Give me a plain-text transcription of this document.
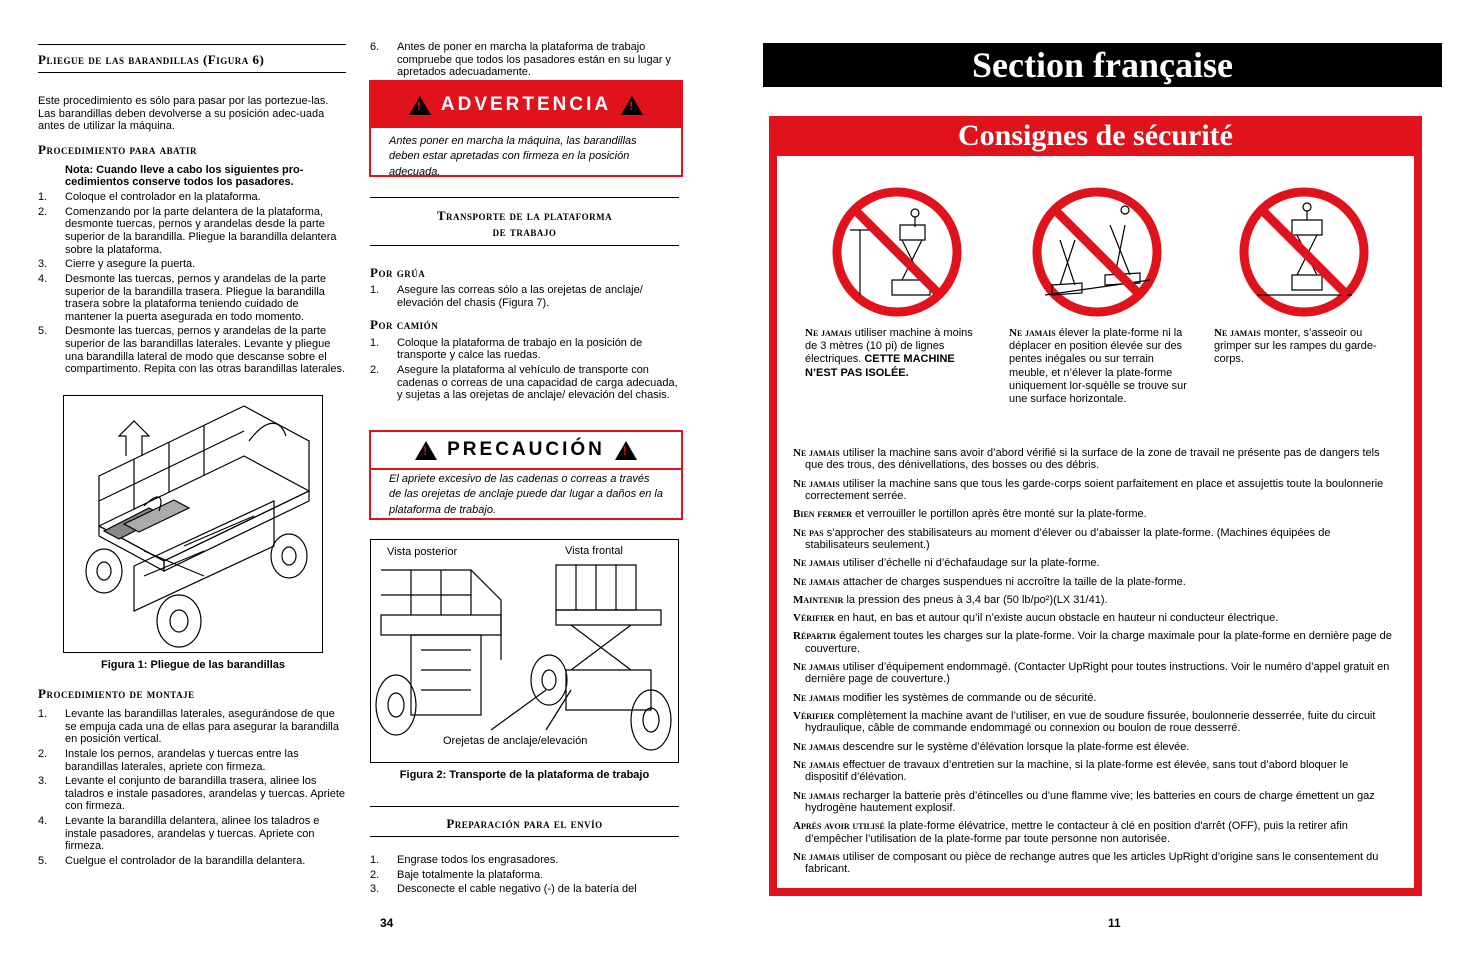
Pliegue de las barandillas (Figura 6)

Este procedimiento es sólo para pasar por las portezue-las. Las barandillas deben devolverse a su posición adec-uada antes de utilizar la máquina.

Procedimiento para abatir

Nota: Cuando lleve a cabo los siguientes pro-cedimientos conserve todos los pasadores.

1. Coloque el controlador en la plataforma.
2. Comenzando por la parte delantera de la plataforma, desmonte tuercas, pernos y arandelas desde la parte superior de la barandilla. Pliegue la barandilla delantera sobre la plataforma.
3. Cierre y asegure la puerta.
4. Desmonte las tuercas, pernos y arandelas de la parte superior de la barandilla trasera. Pliegue la barandilla trasera sobre la plataforma teniendo cuidado de mantener la puerta asegurada en todo momento.
5. Desmonte las tuercas, pernos y arandelas de la parte superior de las barandillas laterales. Levante y pliegue una barandilla lateral de modo que descanse sobre el compartimento. Repita con las otras barandillas laterales.
Figura 1: Pliegue de las barandillas
Procedimiento de montaje
1. Levante las barandillas laterales, asegurándose de que se empuja cada una de ellas para asegurar la barandilla en posición vertical.
2. Instale los pernos, arandelas y tuercas entre las barandillas laterales, apriete con firmeza.
3. Levante el conjunto de barandilla trasera, alinee los taladros e instale pasadores, arandelas y tuercas. Apriete con firmeza.
4. Levante la barandilla delantera, alinee los taladros e instale pasadores, arandelas y tuercas. Apriete con firmeza.
5. Cuelgue el controlador de la barandilla delantera.
34
6. Antes de poner en marcha la plataforma de trabajo compruebe que todos los pasadores están en su lugar y apretados adecuadamente.
!
ADVERTENCIA
!

Antes poner en marcha la máquina, las barandillas deben estar apretadas con firmeza en la posición adecuada.

Transporte de la plataforma
de trabajo
Por grúa
1. Asegure las correas sólo a las orejetas de anclaje/ elevación del chasis (Figura 7).
Por camión
1. Coloque la plataforma de trabajo en la posición de transporte y calce las ruedas.
2. Asegure la plataforma al vehículo de transporte con cadenas o correas de una capacidad de carga adecuada, y sujetas a las orejetas de anclaje/ elevación del chasis.
!
PRECAUCIÓN
!

El apriete excesivo de las cadenas o correas a través de las orejetas de anclaje puede dar lugar a daños en la plataforma de trabajo.

Vista posterior	Vista frontal
Orejetas de anclaje/elevación
Figura 2: Transporte de la plataforma de trabajo
Preparación para el envío
1. Engrase todos los engrasadores.
2. Baje totalmente la plataforma.
3. Desconecte el cable negativo (-) de la batería del
Section française
Consignes de sécurité
Ne jamais utiliser machine à moins de 3 mètres (10 pi) de lignes électriques. CETTE MACHINE N’EST PAS ISOLÉE.
Ne jamais élever la plate-forme ni la déplacer en position élevée sur des pentes inégales ou sur terrain meuble, et n’élever la plate-forme uniquement lor-squèlle se trouve sur une surface horizontale.
Ne jamais monter, s’asseoir ou grimper sur les rampes du garde-corps.

Ne jamais utiliser la machine sans avoir d’abord vérifié si la surface de la zone de travail ne présente pas de dangers tels que des trous, des dénivellations, des bosses ou des débris.

Ne jamais utiliser la machine sans que tous les garde-corps soient parfaitement en place et assujettis toute la boulonnerie correctement serrée.

Bien fermer et verrouiller le portillon après être monté sur la plate-forme.

Ne pas s’approcher des stabilisateurs au moment d’élever ou d’abaisser la plate-forme. (Machines équipées de stabilisateurs seulement.)

Ne jamais utiliser d’échelle ni d’échafaudage sur la plate-forme.

Ne jamais attacher de charges suspendues ni accroître la taille de la plate-forme.

Maintenir la pression des pneus à 3,4 bar (50 lb/po²)(LX 31/41).

Vérifier en haut, en bas et autour qu’il n’existe aucun obstacle en hauteur ni conducteur électrique.

Répartir également toutes les charges sur la plate-forme. Voir la charge maximale pour la plate-forme en dernière page de couverture.

Ne jamais utiliser d’équipement endommagé. (Contacter UpRight pour toutes instructions. Voir le numéro d’appel gratuit en dernière page de couverture.)

Ne jamais modifier les systèmes de commande ou de sécurité.

Vérifier complètement la machine avant de l’utiliser, en vue de soudure fissurée, boulonnerie desserrée, fuite du circuit hydraulique, câble de commande endommagé ou connexion ou boulon de roue desserré.

Ne jamais descendre sur le système d’élévation lorsque la plate-forme est élevée.

Ne jamais effectuer de travaux d’entretien sur la machine, si la plate-forme est élevée, sans tout d’abord bloquer le dispositif d’élévation.

Ne jamais recharger la batterie près d’étincelles ou d’une flamme vive; les batteries en cours de charge émettent un gaz hydrogène hautement explosif.

Après avoir utilisé la plate-forme élévatrice, mettre le contacteur à clé en position d'arrêt (OFF), puis la retirer afin d’empêcher l’utilisation de la plate-forme par toute personne non autorisée.

Ne jamais utiliser de composant ou pièce de rechange autres que les articles UpRight d’origine sans le consentement du fabricant.

11
